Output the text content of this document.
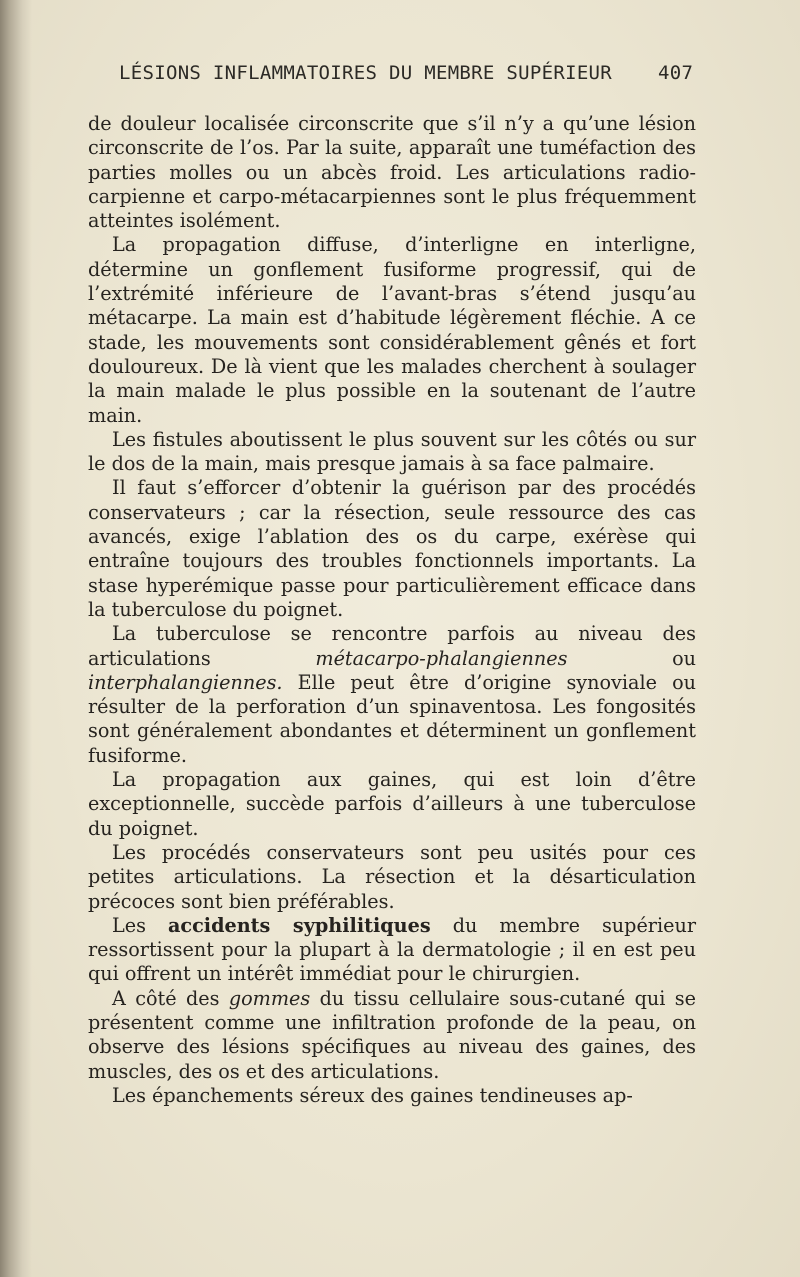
LÉSIONS INFLAMMATOIRES DU MEMBRE SUPÉRIEUR	407

de douleur localisée circonscrite que s’il n’y a qu’une lésion circonscrite de l’os. Par la suite, apparaît une tuméfaction des parties molles ou un abcès froid. Les articulations radio-carpienne et carpo-métacarpiennes sont le plus fréquemment atteintes isolément.

La propagation diffuse, d’interligne en interligne, détermine un gonflement fusiforme progressif, qui de l’extrémité inférieure de l’avant-bras s’étend jusqu’au métacarpe. La main est d’habitude légèrement fléchie. A ce stade, les mouvements sont considérablement gênés et fort douloureux. De là vient que les malades cherchent à soulager la main malade le plus possible en la soutenant de l’autre main.

Les fistules aboutissent le plus souvent sur les côtés ou sur le dos de la main, mais presque jamais à sa face palmaire.

Il faut s’efforcer d’obtenir la guérison par des procédés conservateurs ; car la résection, seule ressource des cas avancés, exige l’ablation des os du carpe, exérèse qui entraîne toujours des troubles fonctionnels importants. La stase hyperémique passe pour particulièrement efficace dans la tuberculose du poignet.

La tuberculose se rencontre parfois au niveau des articulations métacarpo-phalangiennes ou interphalangiennes. Elle peut être d’origine synoviale ou résulter de la perforation d’un spinaventosa. Les fongosités sont généralement abondantes et déterminent un gonflement fusiforme.

La propagation aux gaines, qui est loin d’être exceptionnelle, succède parfois d’ailleurs à une tuberculose du poignet.

Les procédés conservateurs sont peu usités pour ces petites articulations. La résection et la désarticulation précoces sont bien préférables.

Les accidents syphilitiques du membre supérieur ressortissent pour la plupart à la dermatologie ; il en est peu qui offrent un intérêt immédiat pour le chirurgien.

A côté des gommes du tissu cellulaire sous-cutané qui se présentent comme une infiltration profonde de la peau, on observe des lésions spécifiques au niveau des gaines, des muscles, des os et des articulations.

Les épanchements séreux des gaines tendineuses ap-
